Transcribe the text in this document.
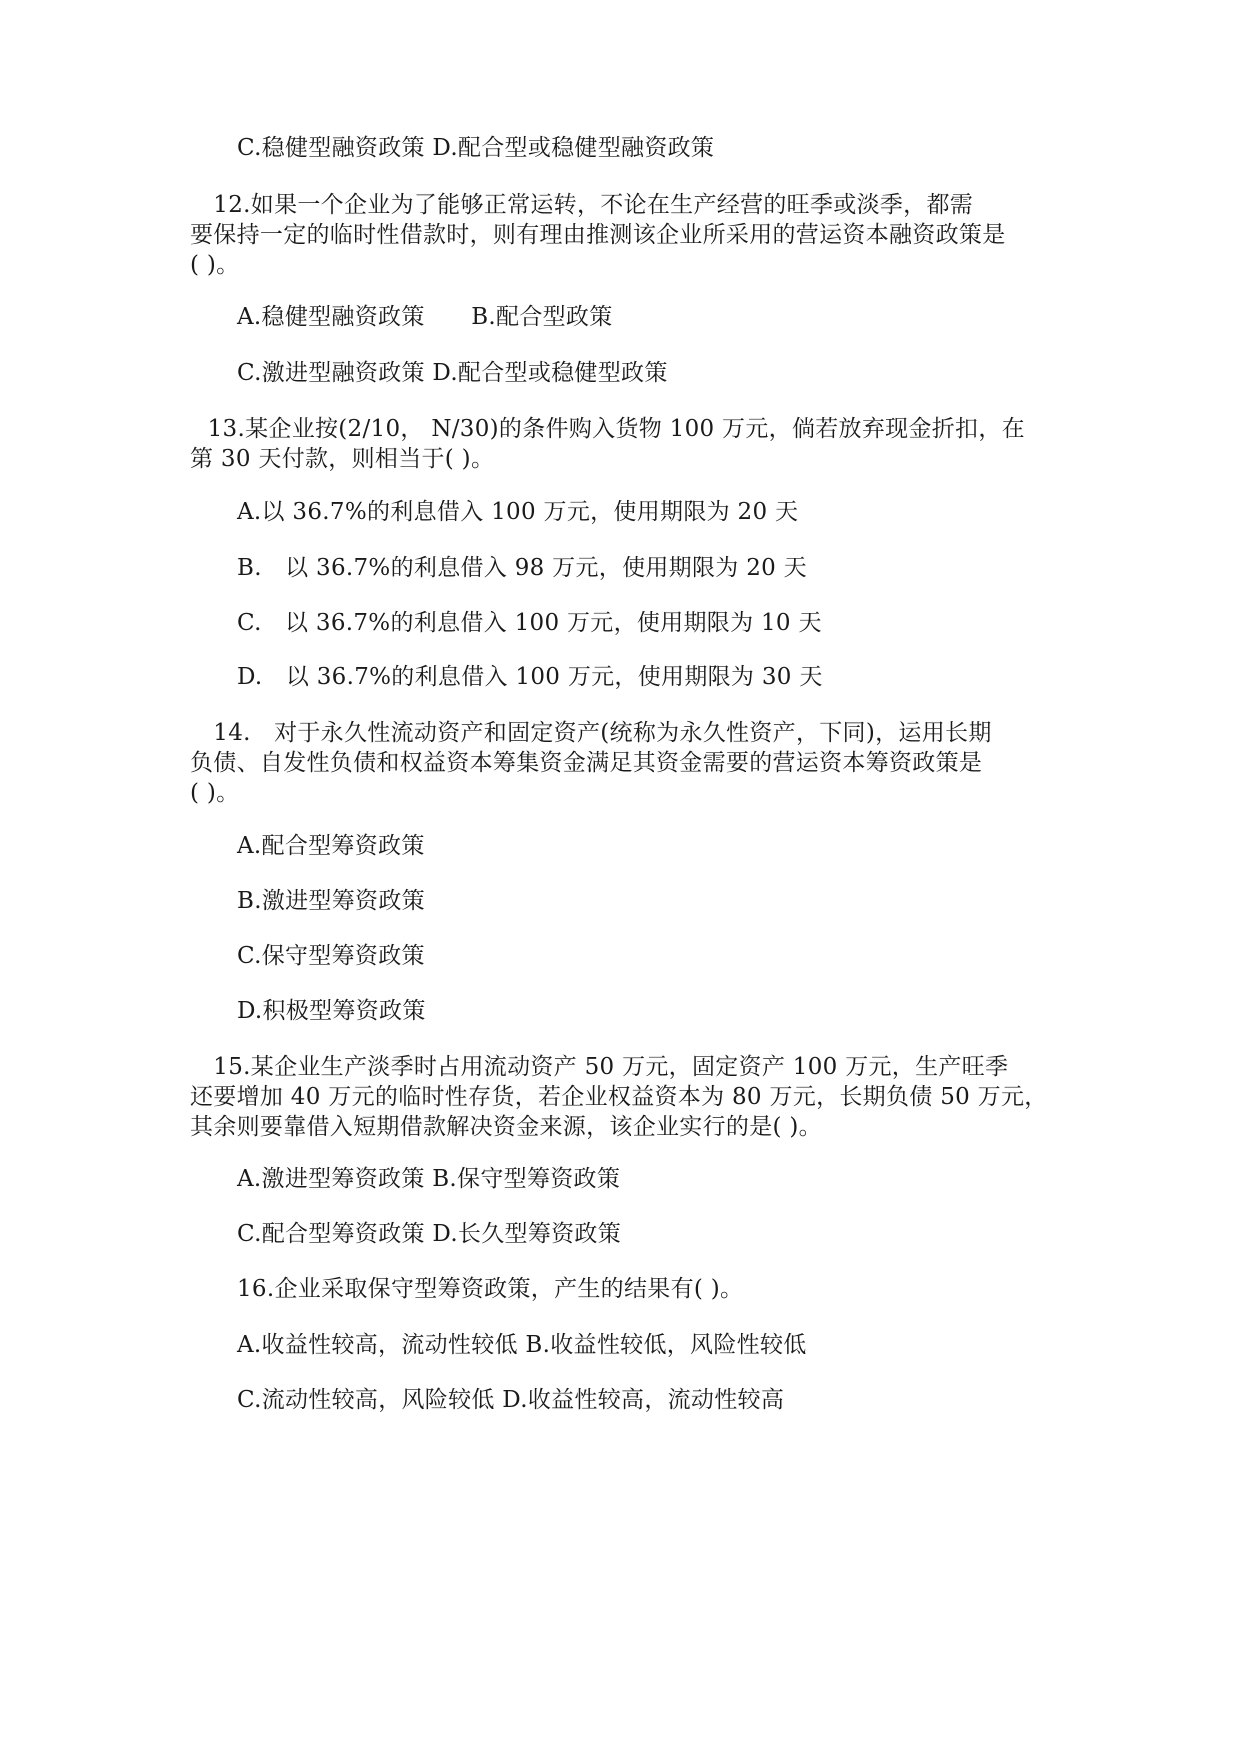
C.稳健型融资政策 D.配合型或稳健型融资政策
　12.如果一个企业为了能够正常运转，不论在生产经营的旺季或淡季，都需
要保持一定的临时性借款时，则有理由推测该企业所采用的营运资本融资政策是
( )。
A.稳健型融资政策　　B.配合型政策
C.激进型融资政策 D.配合型或稳健型政策
13.某企业按(2/10， N/30)的条件购入货物 100 万元，倘若放弃现金折扣，在
第 30 天付款，则相当于( )。
A.以 36.7%的利息借入 100 万元，使用期限为 20 天
B.　以 36.7%的利息借入 98 万元，使用期限为 20 天
C.　以 36.7%的利息借入 100 万元，使用期限为 10 天
D.　以 36.7%的利息借入 100 万元，使用期限为 30 天
　14.　对于永久性流动资产和固定资产(统称为永久性资产，下同)，运用长期
负债、自发性负债和权益资本筹集资金满足其资金需要的营运资本筹资政策是
( )。
A.配合型筹资政策
B.激进型筹资政策
C.保守型筹资政策
D.积极型筹资政策
　15.某企业生产淡季时占用流动资产 50 万元，固定资产 100 万元，生产旺季
还要增加 40 万元的临时性存货，若企业权益资本为 80 万元，长期负债 50 万元，
其余则要靠借入短期借款解决资金来源，该企业实行的是( )。
A.激进型筹资政策 B.保守型筹资政策
C.配合型筹资政策 D.长久型筹资政策
16.企业采取保守型筹资政策，产生的结果有( )。
A.收益性较高，流动性较低 B.收益性较低，风险性较低
C.流动性较高，风险较低 D.收益性较高，流动性较高
